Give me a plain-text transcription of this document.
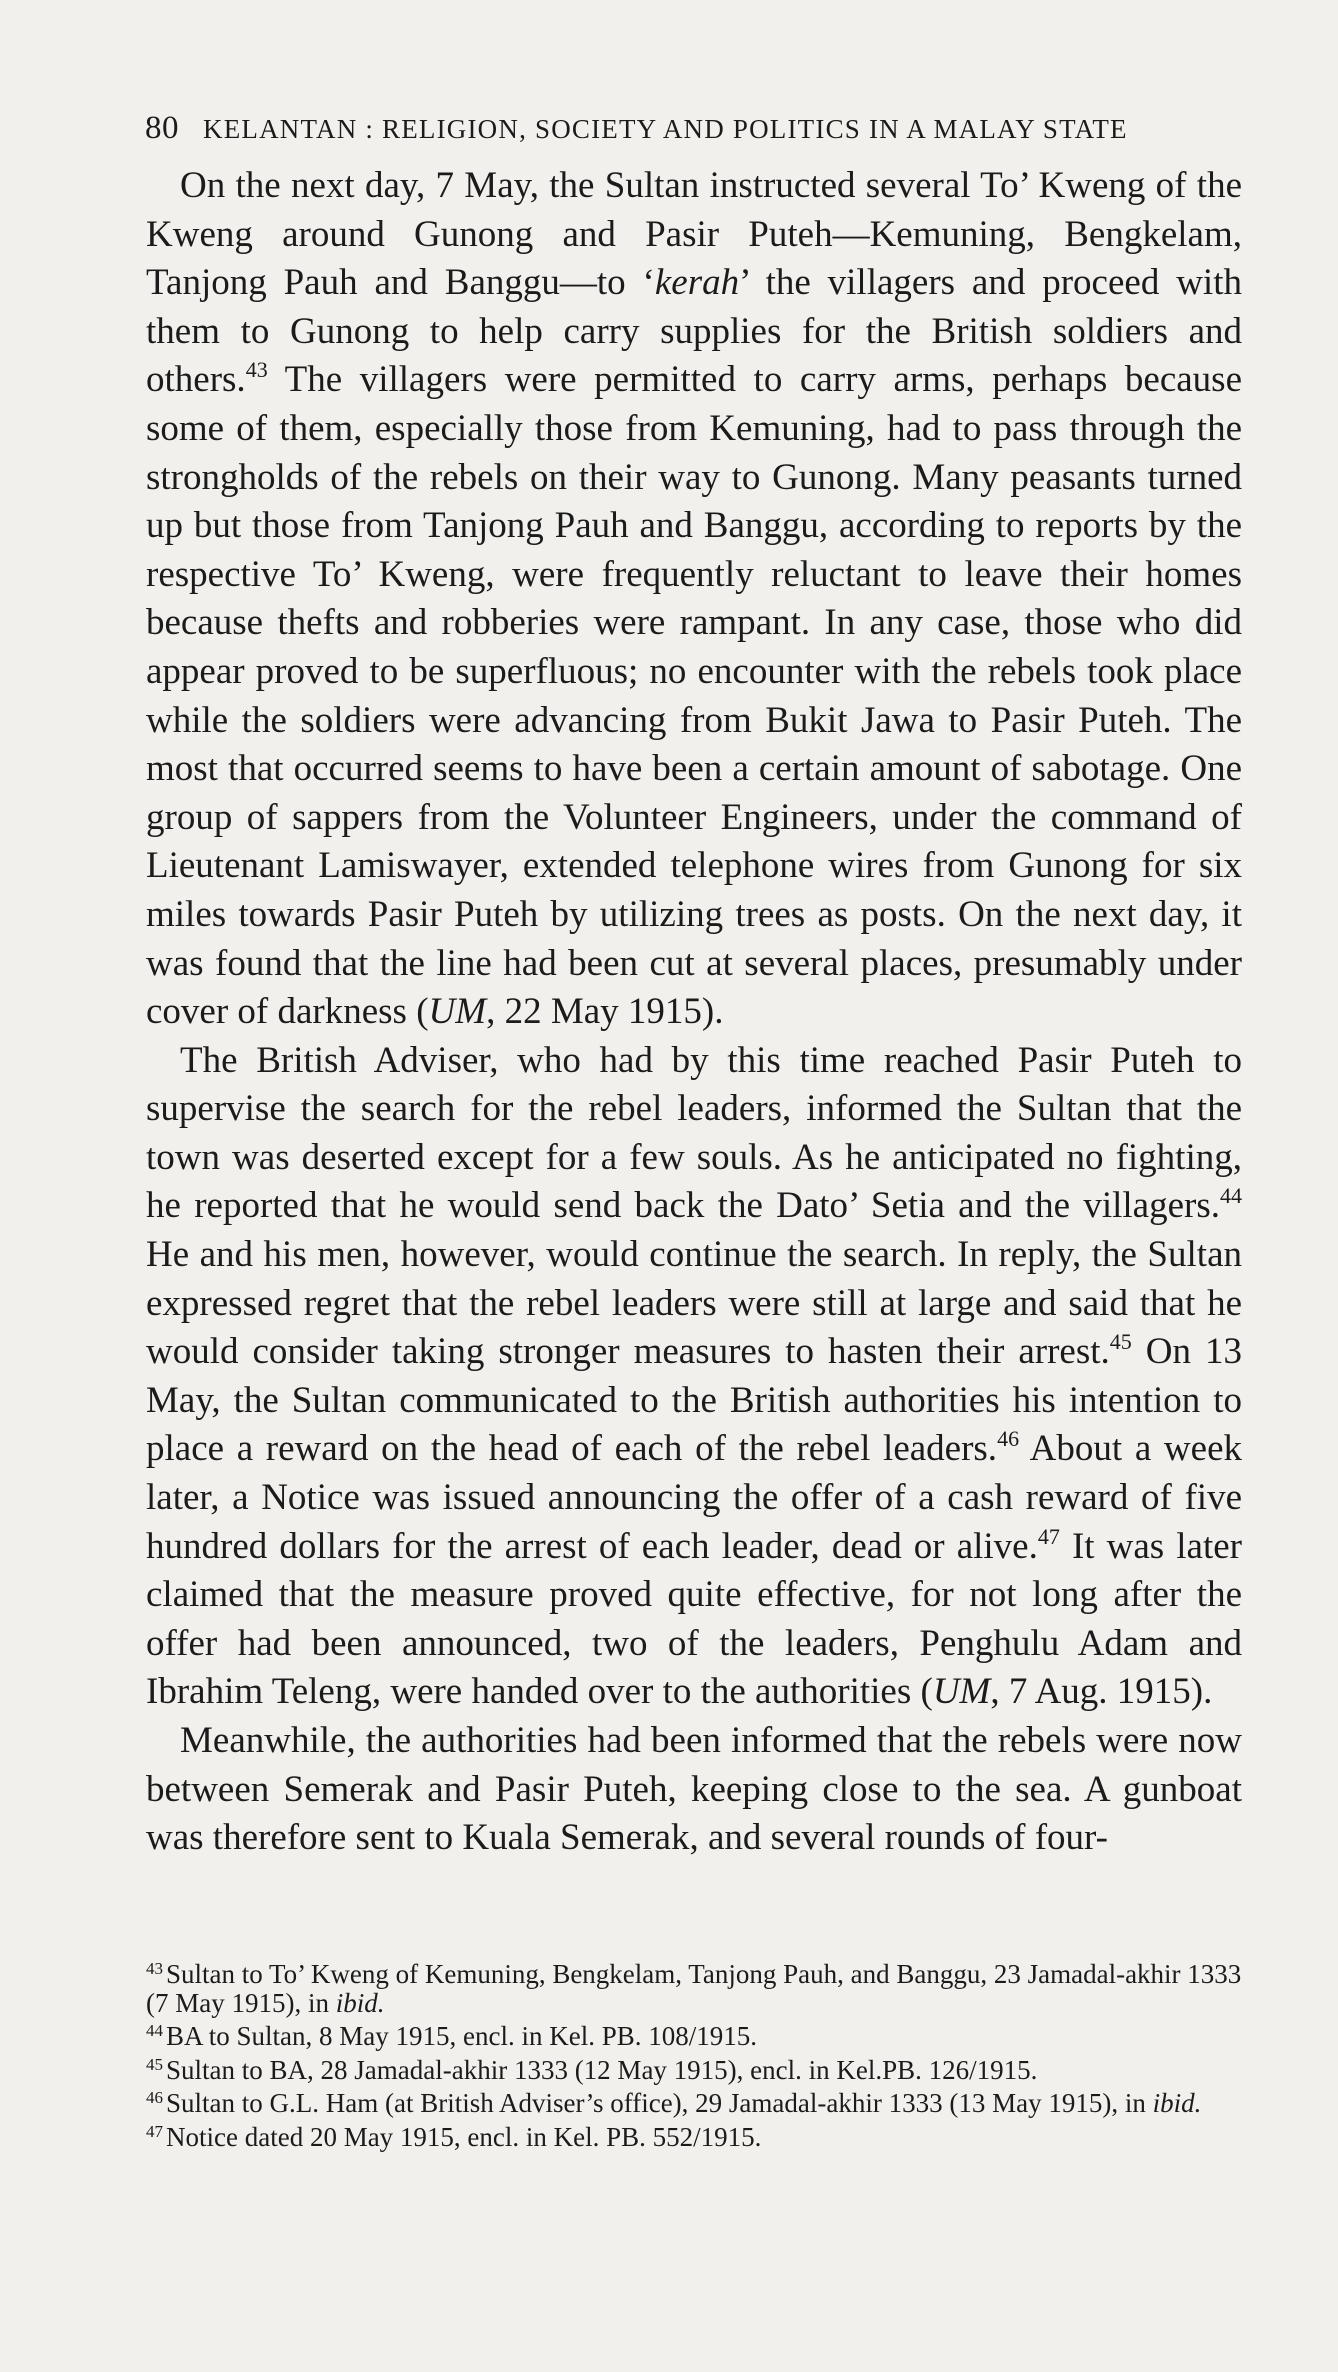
80 KELANTAN : RELIGION, SOCIETY AND POLITICS IN A MALAY STATE

On the next day, 7 May, the Sultan instructed several To’ Kweng of the Kweng around Gunong and Pasir Puteh—Kemuning, Bengkelam, Tanjong Pauh and Banggu—to ‘kerah’ the villagers and proceed with them to Gunong to help carry supplies for the British soldiers and others.$^{43}$ The villagers were permitted to carry arms, perhaps because some of them, especially those from Kemuning, had to pass through the strongholds of the rebels on their way to Gunong. Many peasants turned up but those from Tanjong Pauh and Banggu, according to reports by the respective To’ Kweng, were frequently reluctant to leave their homes because thefts and robberies were rampant. In any case, those who did appear proved to be superfluous; no encounter with the rebels took place while the soldiers were advancing from Bukit Jawa to Pasir Puteh. The most that occurred seems to have been a certain amount of sabotage. One group of sappers from the Volunteer Engineers, under the command of Lieutenant Lamiswayer, extended telephone wires from Gunong for six miles towards Pasir Puteh by utilizing trees as posts. On the next day, it was found that the line had been cut at several places, presumably under cover of darkness (UM, 22 May 1915).

The British Adviser, who had by this time reached Pasir Puteh to supervise the search for the rebel leaders, informed the Sultan that the town was deserted except for a few souls. As he anticipated no fighting, he reported that he would send back the Dato’ Setia and the villagers.$^{44}$ He and his men, however, would continue the search. In reply, the Sultan expressed regret that the rebel leaders were still at large and said that he would consider taking stronger measures to hasten their arrest.$^{45}$ On 13 May, the Sultan communicated to the British authorities his intention to place a reward on the head of each of the rebel leaders.$^{46}$ About a week later, a Notice was issued announcing the offer of a cash reward of five hundred dollars for the arrest of each leader, dead or alive.$^{47}$ It was later claimed that the measure proved quite effective, for not long after the offer had been announced, two of the leaders, Penghulu Adam and Ibrahim Teleng, were handed over to the authorities (UM, 7 Aug. 1915).

Meanwhile, the authorities had been informed that the rebels were now between Semerak and Pasir Puteh, keeping close to the sea. A gunboat was therefore sent to Kuala Semerak, and several rounds of four-

$^{43}$ Sultan to To’ Kweng of Kemuning, Bengkelam, Tanjong Pauh, and Banggu, 23 Jamadal-akhir 1333 (7 May 1915), in ibid.

$^{44}$ BA to Sultan, 8 May 1915, encl. in Kel. PB. 108/1915.

$^{45}$ Sultan to BA, 28 Jamadal-akhir 1333 (12 May 1915), encl. in Kel.PB. 126/1915.

$^{46}$ Sultan to G.L. Ham (at British Adviser’s office), 29 Jamadal-akhir 1333 (13 May 1915), in ibid.

$^{47}$ Notice dated 20 May 1915, encl. in Kel. PB. 552/1915.
